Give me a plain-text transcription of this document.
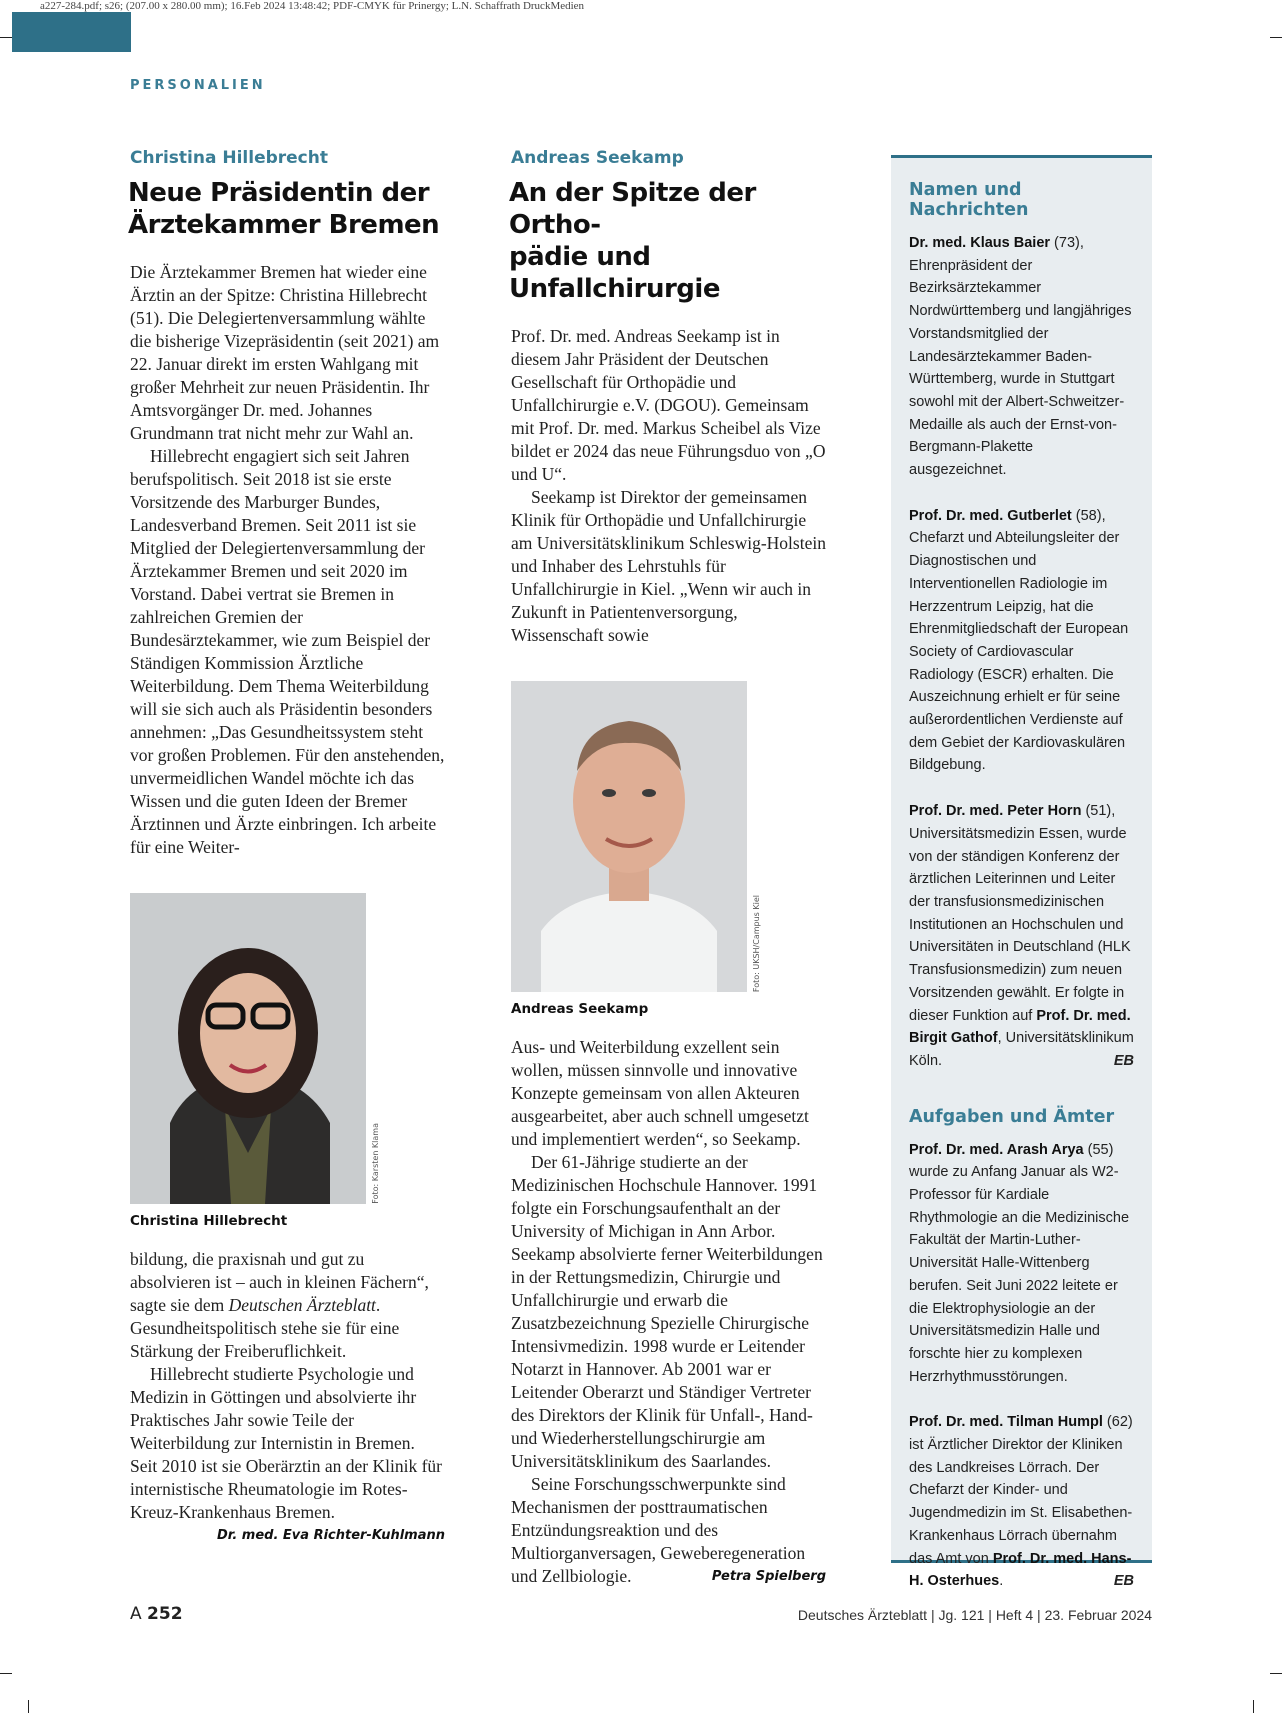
a227-284.pdf; s26; (207.00 x 280.00 mm); 16.Feb 2024 13:48:42; PDF-CMYK für Prinergy; L.N. Schaffrath DruckMedien
PERSONALIEN
Christina Hillebrecht
Neue Präsidentin der
Ärztekammer Bremen

Die Ärztekammer Bremen hat wieder eine Ärztin an der Spitze: Christina Hillebrecht (51). Die Delegiertenversammlung wählte die bisherige Vizepräsidentin (seit 2021) am 22. Januar direkt im ersten Wahlgang mit großer Mehrheit zur neuen Präsidentin. Ihr Amtsvorgänger Dr. med. Johannes Grundmann trat nicht mehr zur Wahl an.

Hillebrecht engagiert sich seit Jahren berufspolitisch. Seit 2018 ist sie erste Vorsitzende des Marburger Bundes, Landesverband Bremen. Seit 2011 ist sie Mitglied der Delegiertenversammlung der Ärztekammer Bremen und seit 2020 im Vorstand. Dabei vertrat sie Bremen in zahlreichen Gremien der Bundesärztekammer, wie zum Beispiel der Ständigen Kommission Ärztliche Weiterbildung. Dem Thema Weiterbildung will sie sich auch als Präsidentin besonders annehmen: „Das Gesundheitssystem steht vor großen Problemen. Für den anstehenden, unvermeidlichen Wandel möchte ich das Wissen und die guten Ideen der Bremer Ärztinnen und Ärzte einbringen. Ich arbeite für eine Weiter-

Foto: Karsten Klama
Christina Hillebrecht

bildung, die praxisnah und gut zu absolvieren ist – auch in kleinen Fächern“, sagte sie dem Deutschen Ärzteblatt. Gesundheitspolitisch stehe sie für eine Stärkung der Freiberuflichkeit.

Hillebrecht studierte Psychologie und Medizin in Göttingen und absolvierte ihr Praktisches Jahr sowie Teile der Weiterbildung zur Internistin in Bremen. Seit 2010 ist sie Oberärztin an der Klinik für internistische Rheumatologie im Rotes-Kreuz-Krankenhaus Bremen.
Dr. med. Eva Richter-Kuhlmann

Andreas Seekamp
An der Spitze der Ortho-
pädie und Unfallchirurgie

Prof. Dr. med. Andreas Seekamp ist in diesem Jahr Präsident der Deutschen Gesellschaft für Orthopädie und Unfallchirurgie e.V. (DGOU). Gemeinsam mit Prof. Dr. med. Markus Scheibel als Vize bildet er 2024 das neue Führungsduo von „O und U“.

Seekamp ist Direktor der gemeinsamen Klinik für Orthopädie und Unfallchirurgie am Universitätsklinikum Schleswig-Holstein und Inhaber des Lehrstuhls für Unfallchirurgie in Kiel. „Wenn wir auch in Zukunft in Patientenversorgung, Wissenschaft sowie

Foto: UKSH/Campus Kiel
Andreas Seekamp

Aus- und Weiterbildung exzellent sein wollen, müssen sinnvolle und innovative Konzepte gemeinsam von allen Akteuren ausgearbeitet, aber auch schnell umgesetzt und implementiert werden“, so Seekamp.

Der 61-Jährige studierte an der Medizinischen Hochschule Hannover. 1991 folgte ein Forschungsaufenthalt an der University of Michigan in Ann Arbor. Seekamp absolvierte ferner Weiterbildungen in der Rettungsmedizin, Chirurgie und Unfallchirurgie und erwarb die Zusatzbezeichnung Spezielle Chirurgische Intensivmedizin. 1998 wurde er Leitender Notarzt in Hannover. Ab 2001 war er Leitender Oberarzt und Ständiger Vertreter des Direktors der Klinik für Unfall-, Hand- und Wiederherstellungschirurgie am Universitätsklinikum des Saarlandes.

Seine Forschungsschwerpunkte sind Mechanismen der posttraumatischen Entzündungsreaktion und des Multiorganversagen, Geweberegeneration und Zellbiologie.	Petra Spielberg

Namen und Nachrichten

Dr. med. Klaus Baier (73), Ehrenpräsident der Bezirksärztekammer Nordwürttemberg und langjähriges Vorstandsmitglied der Landesärztekammer Baden-Württemberg, wurde in Stuttgart sowohl mit der Albert-Schweitzer-Medaille als auch der Ernst-von-Bergmann-Plakette ausgezeichnet.

Prof. Dr. med. Gutberlet (58), Chefarzt und Abteilungsleiter der Diagnostischen und Interventionellen Radiologie im Herzzentrum Leipzig, hat die Ehrenmitgliedschaft der European Society of Cardiovascular Radiology (ESCR) erhalten. Die Auszeichnung erhielt er für seine außerordentlichen Verdienste auf dem Gebiet der Kardiovaskulären Bildgebung.

Prof. Dr. med. Peter Horn (51), Universitätsmedizin Essen, wurde von der ständigen Konferenz der ärztlichen Leiterinnen und Leiter der transfusionsmedizinischen Institutionen an Hochschulen und Universitäten in Deutschland (HLK Transfusionsmedizin) zum neuen Vorsitzenden gewählt. Er folgte in dieser Funktion auf Prof. Dr. med. Birgit Gathof, Universitätsklinikum Köln.	EB

Aufgaben und Ämter

Prof. Dr. med. Arash Arya (55) wurde zu Anfang Januar als W2-Professor für Kardiale Rhythmologie an die Medizinische Fakultät der Martin-Luther-Universität Halle-Wittenberg berufen. Seit Juni 2022 leitete er die Elektrophysiologie an der Universitätsmedizin Halle und forschte hier zu komplexen Herzrhythmusstörungen.

Prof. Dr. med. Tilman Humpl (62) ist Ärztlicher Direktor der Kliniken des Landkreises Lörrach. Der Chefarzt der Kinder- und Jugendmedizin im St. Elisabethen-Krankenhaus Lörrach übernahm das Amt von Prof. Dr. med. Hans-H. Osterhues.	EB

A 252	Deutsches Ärzteblatt | Jg. 121 | Heft 4 | 23. Februar 2024
